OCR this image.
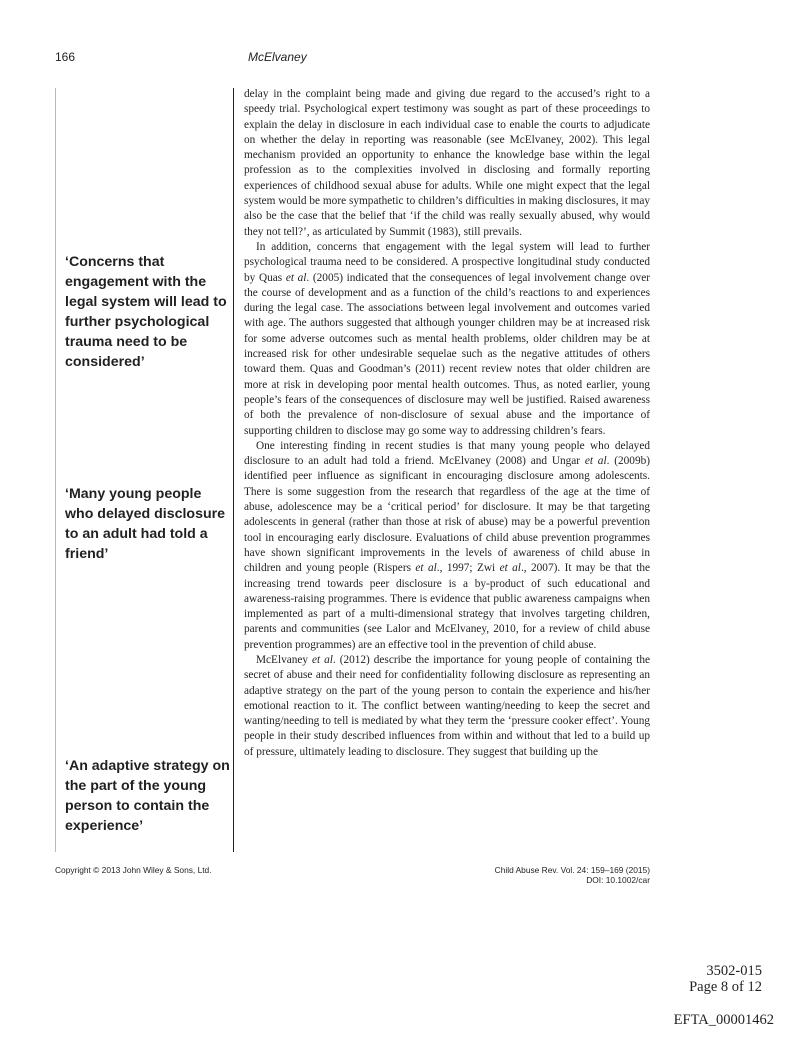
166	McElvaney
‘Concerns that engagement with the legal system will lead to further psychological trauma need to be considered’
‘Many young people who delayed disclosure to an adult had told a friend’
‘An adaptive strategy on the part of the young person to contain the experience’

delay in the complaint being made and giving due regard to the accused’s right to a speedy trial. Psychological expert testimony was sought as part of these proceedings to explain the delay in disclosure in each individual case to enable the courts to adjudicate on whether the delay in reporting was reasonable (see McElvaney, 2002). This legal mechanism provided an opportunity to enhance the knowledge base within the legal profession as to the complexities involved in disclosing and formally reporting experiences of childhood sexual abuse for adults. While one might expect that the legal system would be more sympathetic to children’s difficulties in making disclosures, it may also be the case that the belief that ‘if the child was really sexually abused, why would they not tell?’, as articulated by Summit (1983), still prevails.

In addition, concerns that engagement with the legal system will lead to further psychological trauma need to be considered. A prospective longitudinal study conducted by Quas et al. (2005) indicated that the consequences of legal involvement change over the course of development and as a function of the child’s reactions to and experiences during the legal case. The associations between legal involvement and outcomes varied with age. The authors suggested that although younger children may be at increased risk for some adverse outcomes such as mental health problems, older children may be at increased risk for other undesirable sequelae such as the negative attitudes of others toward them. Quas and Goodman’s (2011) recent review notes that older children are more at risk in developing poor mental health outcomes. Thus, as noted earlier, young people’s fears of the consequences of disclosure may well be justified. Raised awareness of both the prevalence of non-disclosure of sexual abuse and the importance of supporting children to disclose may go some way to addressing children’s fears.

One interesting finding in recent studies is that many young people who delayed disclosure to an adult had told a friend. McElvaney (2008) and Ungar et al. (2009b) identified peer influence as significant in encouraging disclosure among adolescents. There is some suggestion from the research that regardless of the age at the time of abuse, adolescence may be a ‘critical period’ for disclosure. It may be that targeting adolescents in general (rather than those at risk of abuse) may be a powerful prevention tool in encouraging early disclosure. Evaluations of child abuse prevention programmes have shown significant improvements in the levels of awareness of child abuse in children and young people (Rispers et al., 1997; Zwi et al., 2007). It may be that the increasing trend towards peer disclosure is a by-product of such educational and awareness-raising programmes. There is evidence that public awareness campaigns when implemented as part of a multi-dimensional strategy that involves targeting children, parents and communities (see Lalor and McElvaney, 2010, for a review of child abuse prevention programmes) are an effective tool in the prevention of child abuse.

McElvaney et al. (2012) describe the importance for young people of containing the secret of abuse and their need for confidentiality following disclosure as representing an adaptive strategy on the part of the young person to contain the experience and his/her emotional reaction to it. The conflict between wanting/needing to keep the secret and wanting/needing to tell is mediated by what they term the ‘pressure cooker effect’. Young people in their study described influences from within and without that led to a build up of pressure, ultimately leading to disclosure. They suggest that building up the

Copyright © 2013 John Wiley & Sons, Ltd.	Child Abuse Rev. Vol. 24: 159–169 (2015)
DOI: 10.1002/car
3502-015
Page 8 of 12
EFTA_00001462
